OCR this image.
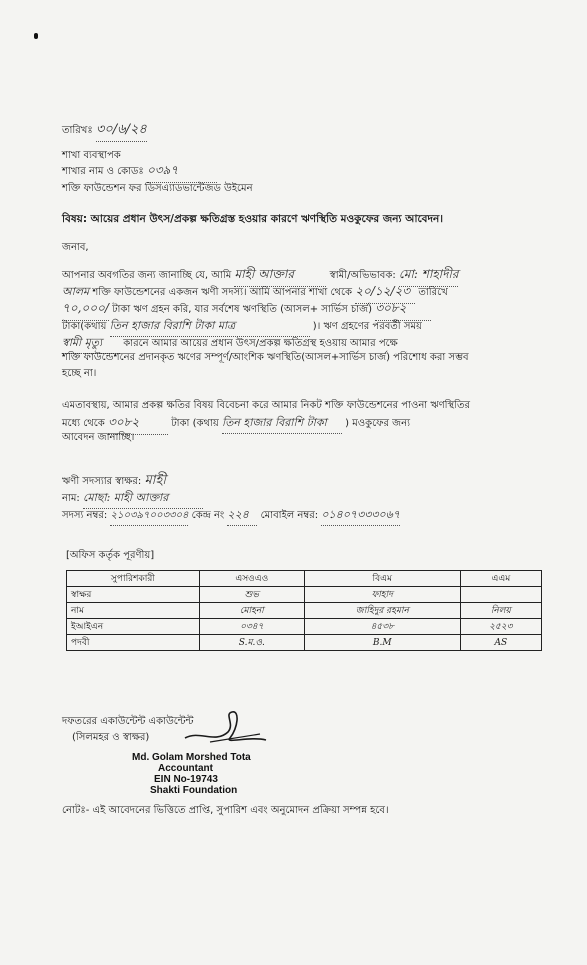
তারিখঃ ৩০/৬/২৪
শাখা ব্যবস্থাপক
শাখার নাম ও কোডঃ ০৩৯৭
শক্তি ফাউন্ডেশন ফর ডিসএ্যাডভান্টেজড উইমেন
বিষয়: আয়ের প্রধান উৎস/প্রকল্প ক্ষতিগ্রস্ত হওয়ার কারণে ঋণস্থিতি মওকুফের জন্য আবেদন।
জনাব,
আপনার অবগতির জন্য জানাচ্ছি যে, আমি মাহী আক্তার	স্বামী/অভিভাবক: মো: শাহাদীর
আলম শক্তি ফাউন্ডেশনের একজন ঋণী সদস্য। আমি আপনার শাখা থেকে ২০/১২/২৩ তারিখে
৭০,০০০/ টাকা ঋণ গ্রহন করি, যার সর্বশেষ ঋণস্থিতি (আসল+ সার্ভিস চার্জ) ৩০৮২
টাকা(কথায় তিন হাজার বিরাশি টাকা মাত্র	)। ঋণ গ্রহণের পরবর্তী সময়
স্বামী মৃত্যু কারনে আমার আয়ের প্রধান উৎস/প্রকল্প ক্ষতিগ্রস্থ হওয়ায় আমার পক্ষে
শক্তি ফাউন্ডেশনের প্রদানকৃত ঋণের সম্পূর্ণ/আংশিক ঋণস্থিতি(আসল+সার্ভিস চার্জ) পরিশোধ করা সম্ভব
হচ্ছে না।
এমতাবস্থায়, আমার প্রকল্প ক্ষতির বিষয় বিবেচনা করে আমার নিকট শক্তি ফাউন্ডেশনের পাওনা ঋণস্থিতির
মধ্যে থেকে ৩০৮২	টাকা (কথায় তিন হাজার বিরাশি টাকা ) মওকুফের জন্য
আবেদন জানাচ্ছি।
ঋণী সদস্যার স্বাক্ষর: মাহী
নাম: মোছা: মাহী আক্তার
সদস্য নম্বর: ২১০৩৯৭০০৩৩০৪ কেন্দ্র নং ২২৪ মোবাইল নম্বর: ০১৪০৭৩৩৩০৬৭
[অফিস কর্তৃক পূরণীয়]
সুপারিশকারী	এসওএও	বিএম	এএম
স্বাক্ষর	শুভ	ফাহাদ	
নাম	মোহনা	জাহিদুর রহমান	নিলয়
ইআইএন	০৩৪৭	৪৫৩৮	২৫২৩
পদবী	S.ম.ও.	B.M	AS
দফতরের একাউন্টেন্ট একাউন্টেন্ট
(সিলমহর ও স্বাক্ষর)
Md. Golam Morshed Tota
Accountant
EIN No-19743
Shakti Foundation
নোটঃ- এই আবেদনের ভিত্তিতে প্রাপ্তি, সুপারিশ এবং অনুমোদন প্রক্রিয়া সম্পন্ন হবে।
